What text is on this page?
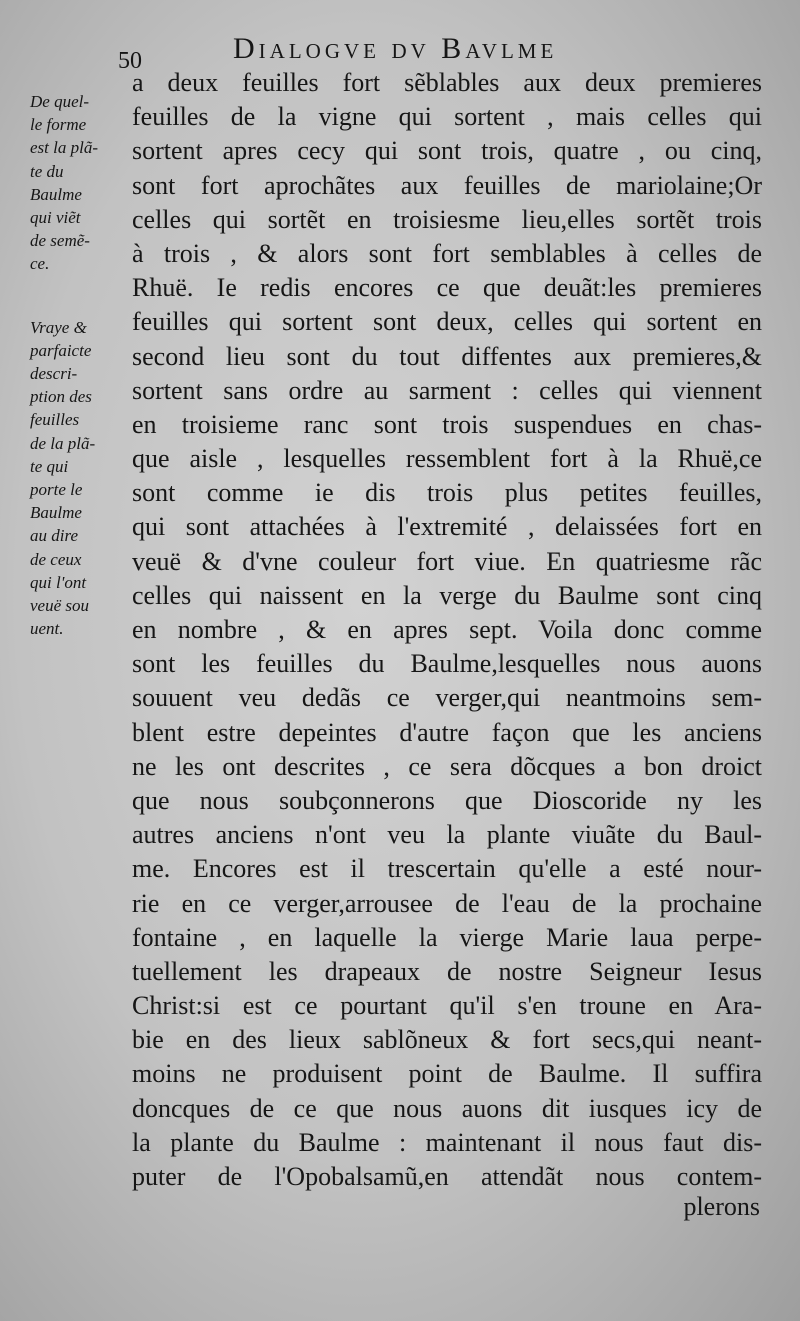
50	Dialogve dv Bavlme

De quel-

le forme

est la plã-

te du

Baulme

qui viẽt

de semẽ-

ce.

Vraye &

parfaicte

descri-

ption des

feuilles

de la plã-

te qui

porte le

Baulme

au dire

de ceux

qui l'ont

veuë sou

uent.

a deux feuilles fort sẽblables aux deux premieres

feuilles de la vigne qui sortent , mais celles qui

sortent apres cecy qui sont trois, quatre , ou cinq,

sont fort aprochãtes aux feuilles de mariolaine;Or

celles qui sortẽt en troisiesme lieu,elles sortẽt trois

à trois , & alors sont fort semblables à celles de

Rhuë. Ie redis encores ce que deuãt:les premieres

feuilles qui sortent sont deux, celles qui sortent en

second lieu sont du tout diffentes aux premieres,&

sortent sans ordre au sarment : celles qui viennent

en troisieme ranc sont trois suspendues en chas-

que aisle , lesquelles ressemblent fort à la Rhuë,ce

sont comme ie dis trois plus petites feuilles,

qui sont attachées à l'extremité , delaissées fort en

veuë & d'vne couleur fort viue. En quatriesme rãc

celles qui naissent en la verge du Baulme sont cinq

en nombre , & en apres sept. Voila donc comme

sont les feuilles du Baulme,lesquelles nous auons

souuent veu dedãs ce verger,qui neantmoins sem-

blent estre depeintes d'autre façon que les anciens

ne les ont descrites , ce sera dõcques a bon droict

que nous soubçonnerons que Dioscoride ny les

autres anciens n'ont veu la plante viuãte du Baul-

me. Encores est il trescertain qu'elle a esté nour-

rie en ce verger,arrousee de l'eau de la prochaine

fontaine , en laquelle la vierge Marie laua perpe-

tuellement les drapeaux de nostre Seigneur Iesus

Christ:si est ce pourtant qu'il s'en troune en Ara-

bie en des lieux sablõneux & fort secs,qui neant-

moins ne produisent point de Baulme. Il suffira

doncques de ce que nous auons dit iusques icy de

la plante du Baulme : maintenant il nous faut dis-

puter de l'Opobalsamũ,en attendãt nous contem-

plerons
